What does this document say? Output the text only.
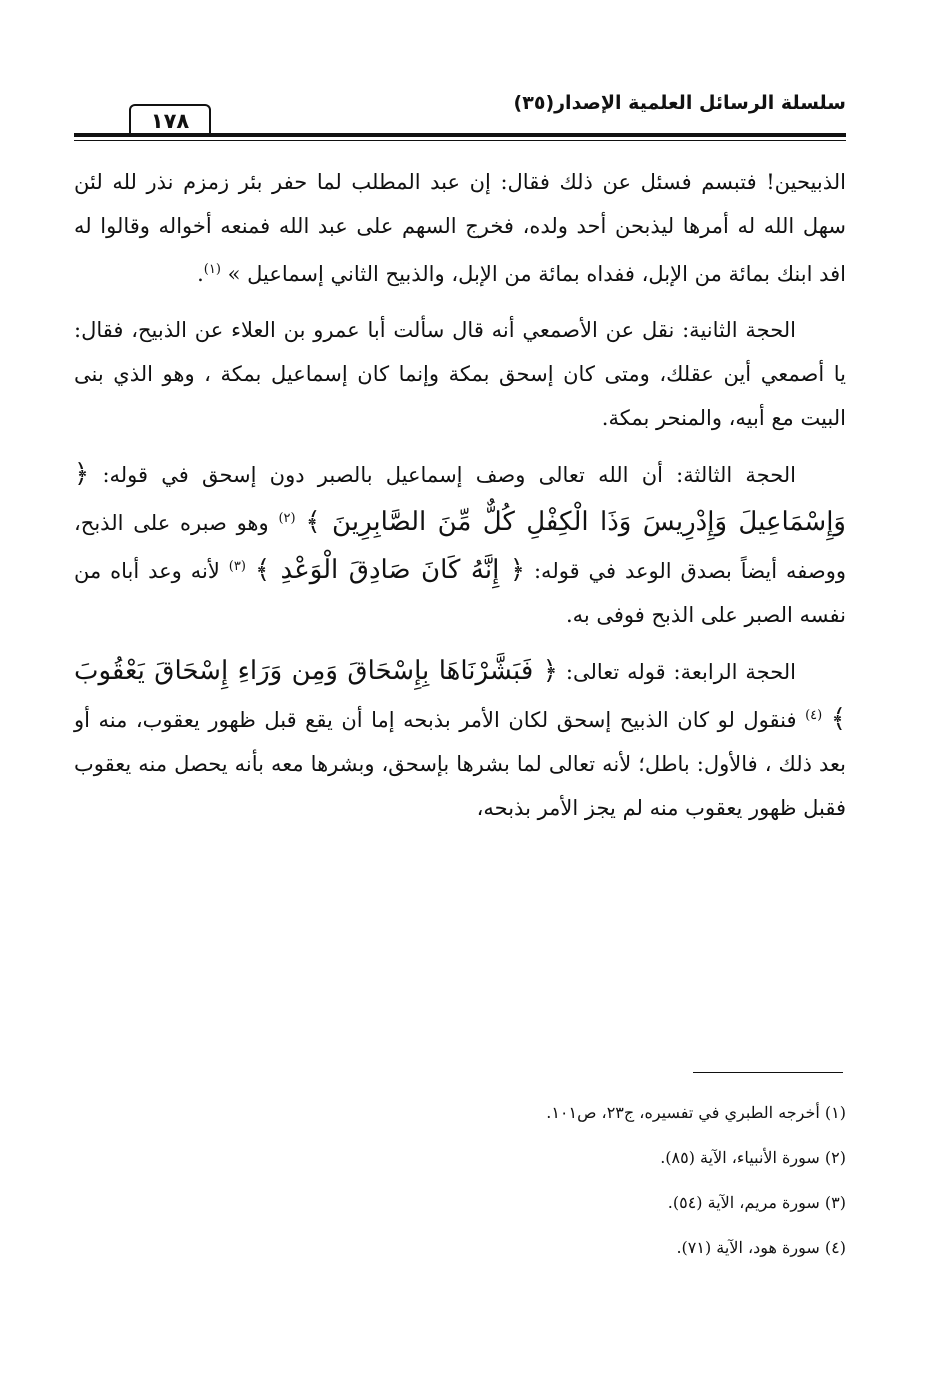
سلسلة الرسائل العلمية الإصدار(٣٥)
١٧٨

الذبيحين! فتبسم فسئل عن ذلك فقال: إن عبد المطلب لما حفر بئر زمزم نذر لله لئن سهل الله له أمرها ليذبحن أحد ولده، فخرج السهم على عبد الله فمنعه أخواله وقالوا له افد ابنك بمائة من الإبل، ففداه بمائة من الإبل، والذبيح الثاني إسماعيل » $^{(١)}$.

الحجة الثانية: نقل عن الأصمعي أنه قال سألت أبا عمرو بن العلاء عن الذبيح، فقال: يا أصمعي أين عقلك، ومتى كان إسحق بمكة وإنما كان إسماعيل بمكة ، وهو الذي بنى البيت مع أبيه، والمنحر بمكة.

الحجة الثالثة: أن الله تعالى وصف إسماعيل بالصبر دون إسحق في قوله: ﴿ وَإِسْمَاعِيلَ وَإِدْرِيسَ وَذَا الْكِفْلِ كُلٌّ مِّنَ الصَّابِرِينَ ﴾ $^{(٢)}$ وهو صبره على الذبح، ووصفه أيضاً بصدق الوعد في قوله: ﴿ إِنَّهُ كَانَ صَادِقَ الْوَعْدِ ﴾ $^{(٣)}$ لأنه وعد أباه من نفسه الصبر على الذبح فوفى به.

الحجة الرابعة: قوله تعالى: ﴿ فَبَشَّرْنَاهَا بِإِسْحَاقَ وَمِن وَرَاءِ إِسْحَاقَ يَعْقُوبَ ﴾ $^{(٤)}$ فنقول لو كان الذبيح إسحق لكان الأمر بذبحه إما أن يقع قبل ظهور يعقوب، منه أو بعد ذلك ، فالأول: باطل؛ لأنه تعالى لما بشرها بإسحق، وبشرها معه بأنه يحصل منه يعقوب فقبل ظهور يعقوب منه لم يجز الأمر بذبحه،

(١) أخرجه الطبري في تفسيره، ج٢٣، ص١٠١.
(٢) سورة الأنبياء، الآية (٨٥).
(٣) سورة مريم، الآية (٥٤).
(٤) سورة هود، الآية (٧١).
